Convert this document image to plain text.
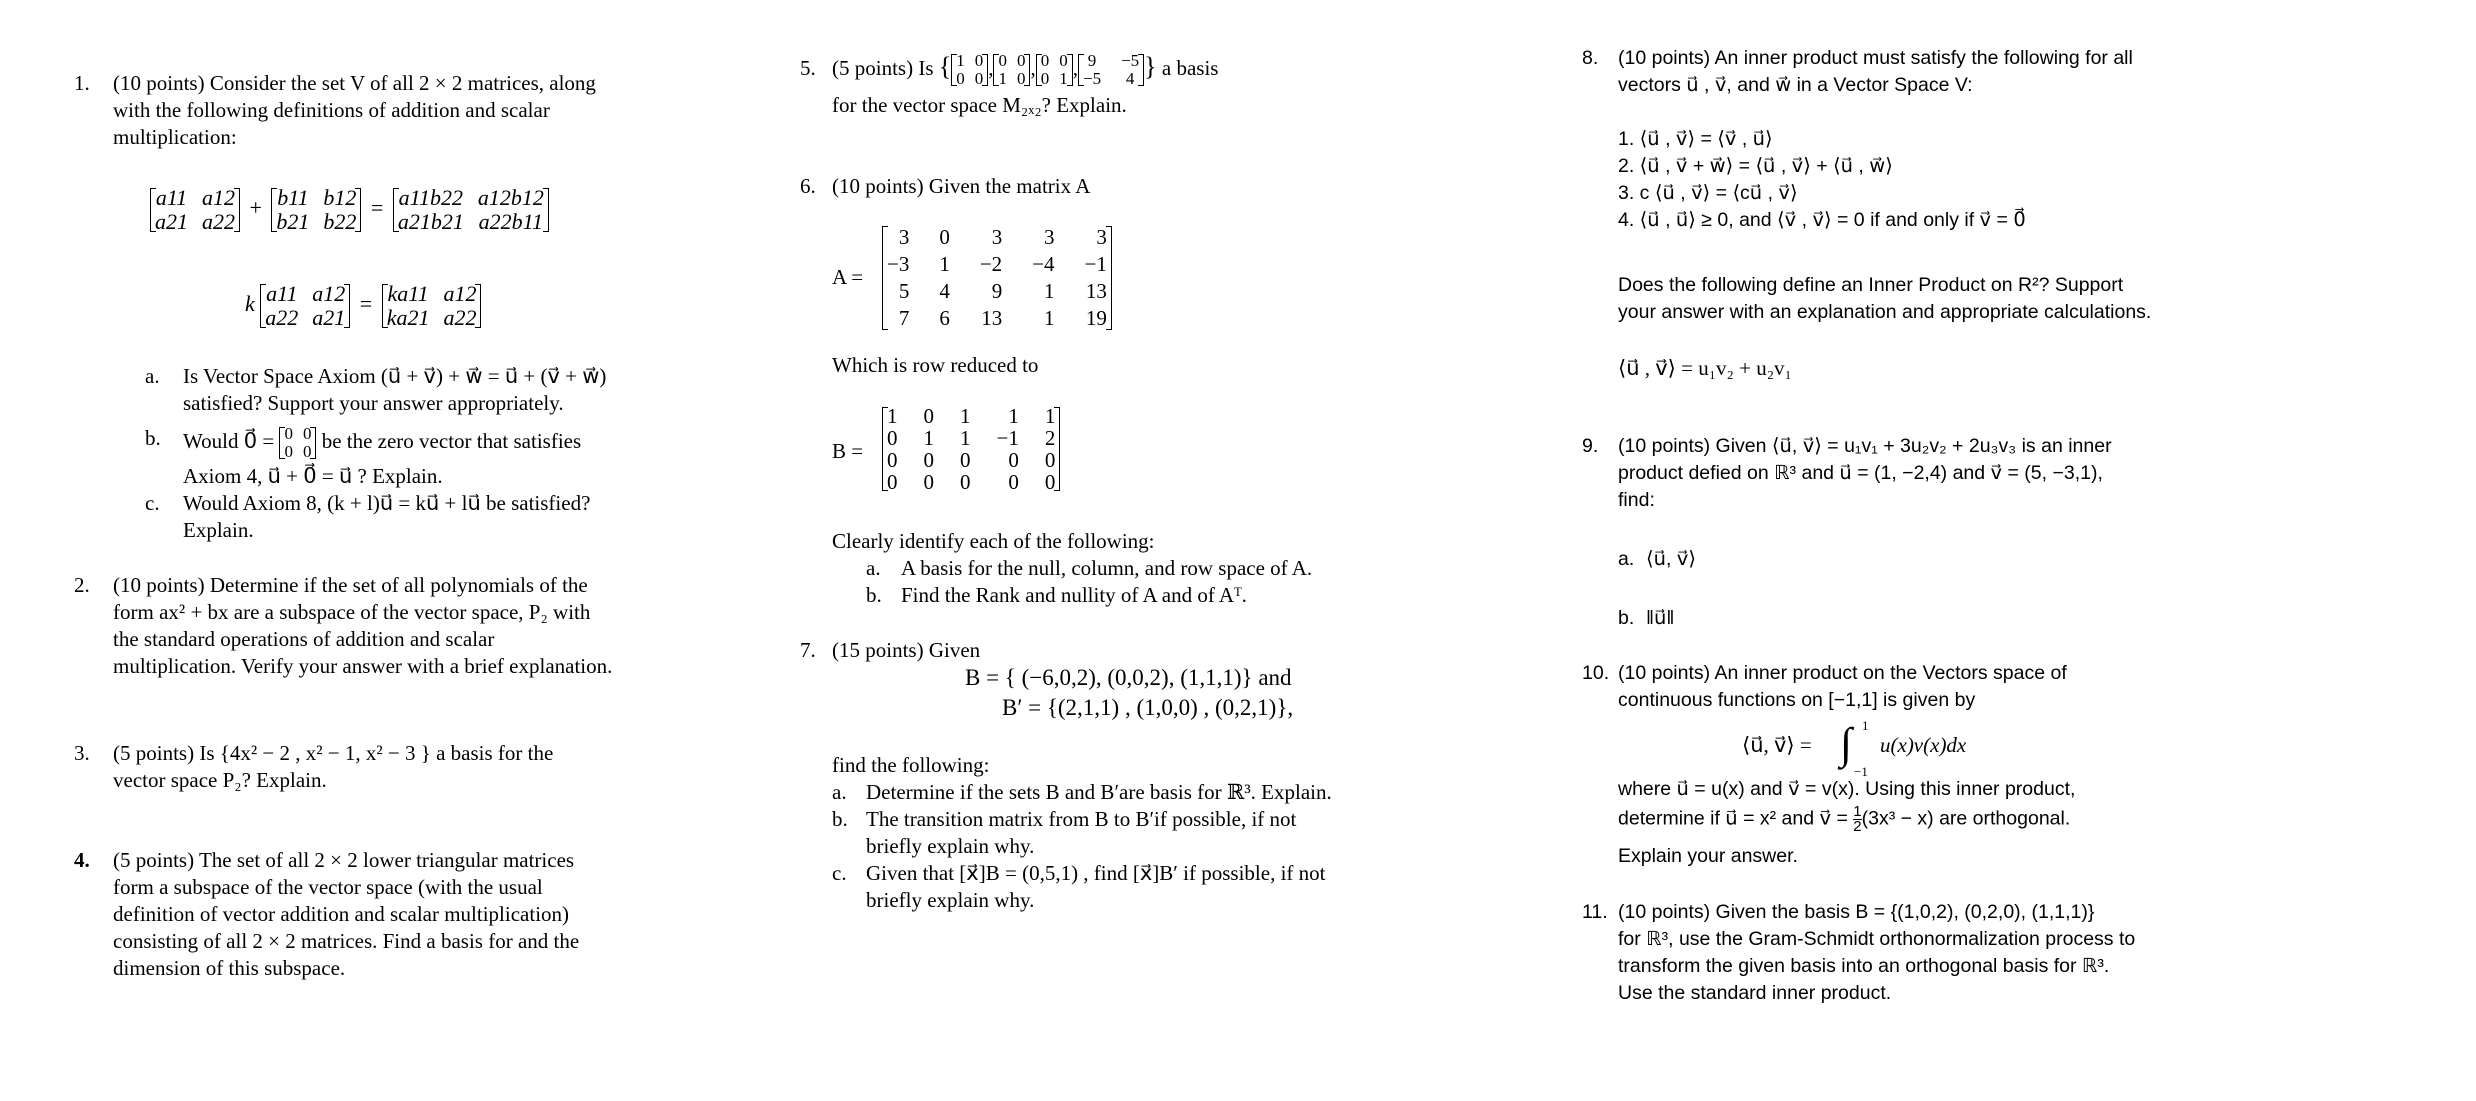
1. (10 points) Consider the set V of all 2 × 2 matrices, along
with the following definitions of addition and scalar
multiplication:
a11 a12
a21 a22
+ b11 b12
b21 b22
= a11b22 a12b12
a21b21 a22b11
k a11 a12
a22 a21
= ka11 a12
ka21 a22
a. Is Vector Space Axiom (u⃗ + v⃗) + w⃗ = u⃗ + (v⃗ + w⃗)
satisfied? Support your answer appropriately.
b. Would 0⃗ = 0 0
0 0 be the zero vector that satisfies
Axiom 4, u⃗ + 0⃗ = u⃗ ? Explain.
c. Would Axiom 8, (k + l)u⃗ = ku⃗ + lu⃗ be satisfied?
Explain.
2. (10 points) Determine if the set of all polynomials of the
form ax² + bx are a subspace of the vector space, P₂ with
the standard operations of addition and scalar
multiplication. Verify your answer with a brief explanation.
3. (5 points) Is {4x² − 2 , x² − 1, x² − 3 } a basis for the
vector space P₂? Explain.
4. (5 points) The set of all 2 × 2 lower triangular matrices
form a subspace of the vector space (with the usual
definition of vector addition and scalar multiplication)
consisting of all 2 × 2 matrices. Find a basis for and the
dimension of this subspace.
5. (5 points) Is { 1 0
0 0 , 0 0
1 0 , 0 0
0 1 , 9 −5
−5 4 } a basis
for the vector space M₂ₓ₂? Explain.
6. (10 points) Given the matrix A
A =
3 0	3	3	3
−3 1 −2 −4 −1
5 4	9	1 13
7 6 13	1 19
Which is row reduced to
B =
1 0 1	1 1
0 1 1 −1 2
0 0 0	0 0
0 0 0	0 0
Clearly identify each of the following:
a. A basis for the null, column, and row space of A.
b. Find the Rank and nullity of A and of Aᵀ.
7. (15 points) Given
B = { (−6,0,2), (0,0,2), (1,1,1)} and
B′ = {(2,1,1) , (1,0,0) , (0,2,1)},
find the following:
a. Determine if the sets B and B′are basis for ℝ³. Explain.
b. The transition matrix from B to B′if possible, if not
briefly explain why.
c. Given that [x⃗]B = (0,5,1) , find [x⃗]B′ if possible, if not
briefly explain why.
8. (10 points) An inner product must satisfy the following for all
vectors u⃗ , v⃗, and w⃗ in a Vector Space V:
1. ⟨u⃗ , v⃗⟩ = ⟨v⃗ , u⃗⟩
2. ⟨u⃗ , v⃗ + w⃗⟩ = ⟨u⃗ , v⃗⟩ + ⟨u⃗ , w⃗⟩
3. c ⟨u⃗ , v⃗⟩ = ⟨cu⃗ , v⃗⟩
4. ⟨u⃗ , u⃗⟩ ≥ 0, and ⟨v⃗ , v⃗⟩ = 0 if and only if v⃗ = 0⃗
Does the following define an Inner Product on R²? Support
your answer with an explanation and appropriate calculations.
⟨u⃗ , v⃗⟩ = u₁v₂ + u₂v₁
9. (10 points) Given ⟨u⃗, v⃗⟩ = u₁v₁ + 3u₂v₂ + 2u₃v₃ is an inner
product defied on ℝ³ and u⃗ = (1, −2,4) and v⃗ = (5, −3,1),
find:
a. ⟨u⃗, v⃗⟩
b. ‖u⃗‖
10. (10 points) An inner product on the Vectors space of
continuous functions on [−1,1] is given by
⟨u⃗, v⃗⟩ = ∫ 1
−1
u(x)v(x)dx
where u⃗ = u(x) and v⃗ = v(x). Using this inner product,
determine if u⃗ = x² and v⃗ = $\frac{1}{2} (3x^3 - x)$ are orthogonal.
Explain your answer.
11. (10 points) Given the basis B = {(1,0,2), (0,2,0), (1,1,1)}
for ℝ³, use the Gram-Schmidt orthonormalization process to
transform the given basis into an orthogonal basis for ℝ³.
Use the standard inner product.
